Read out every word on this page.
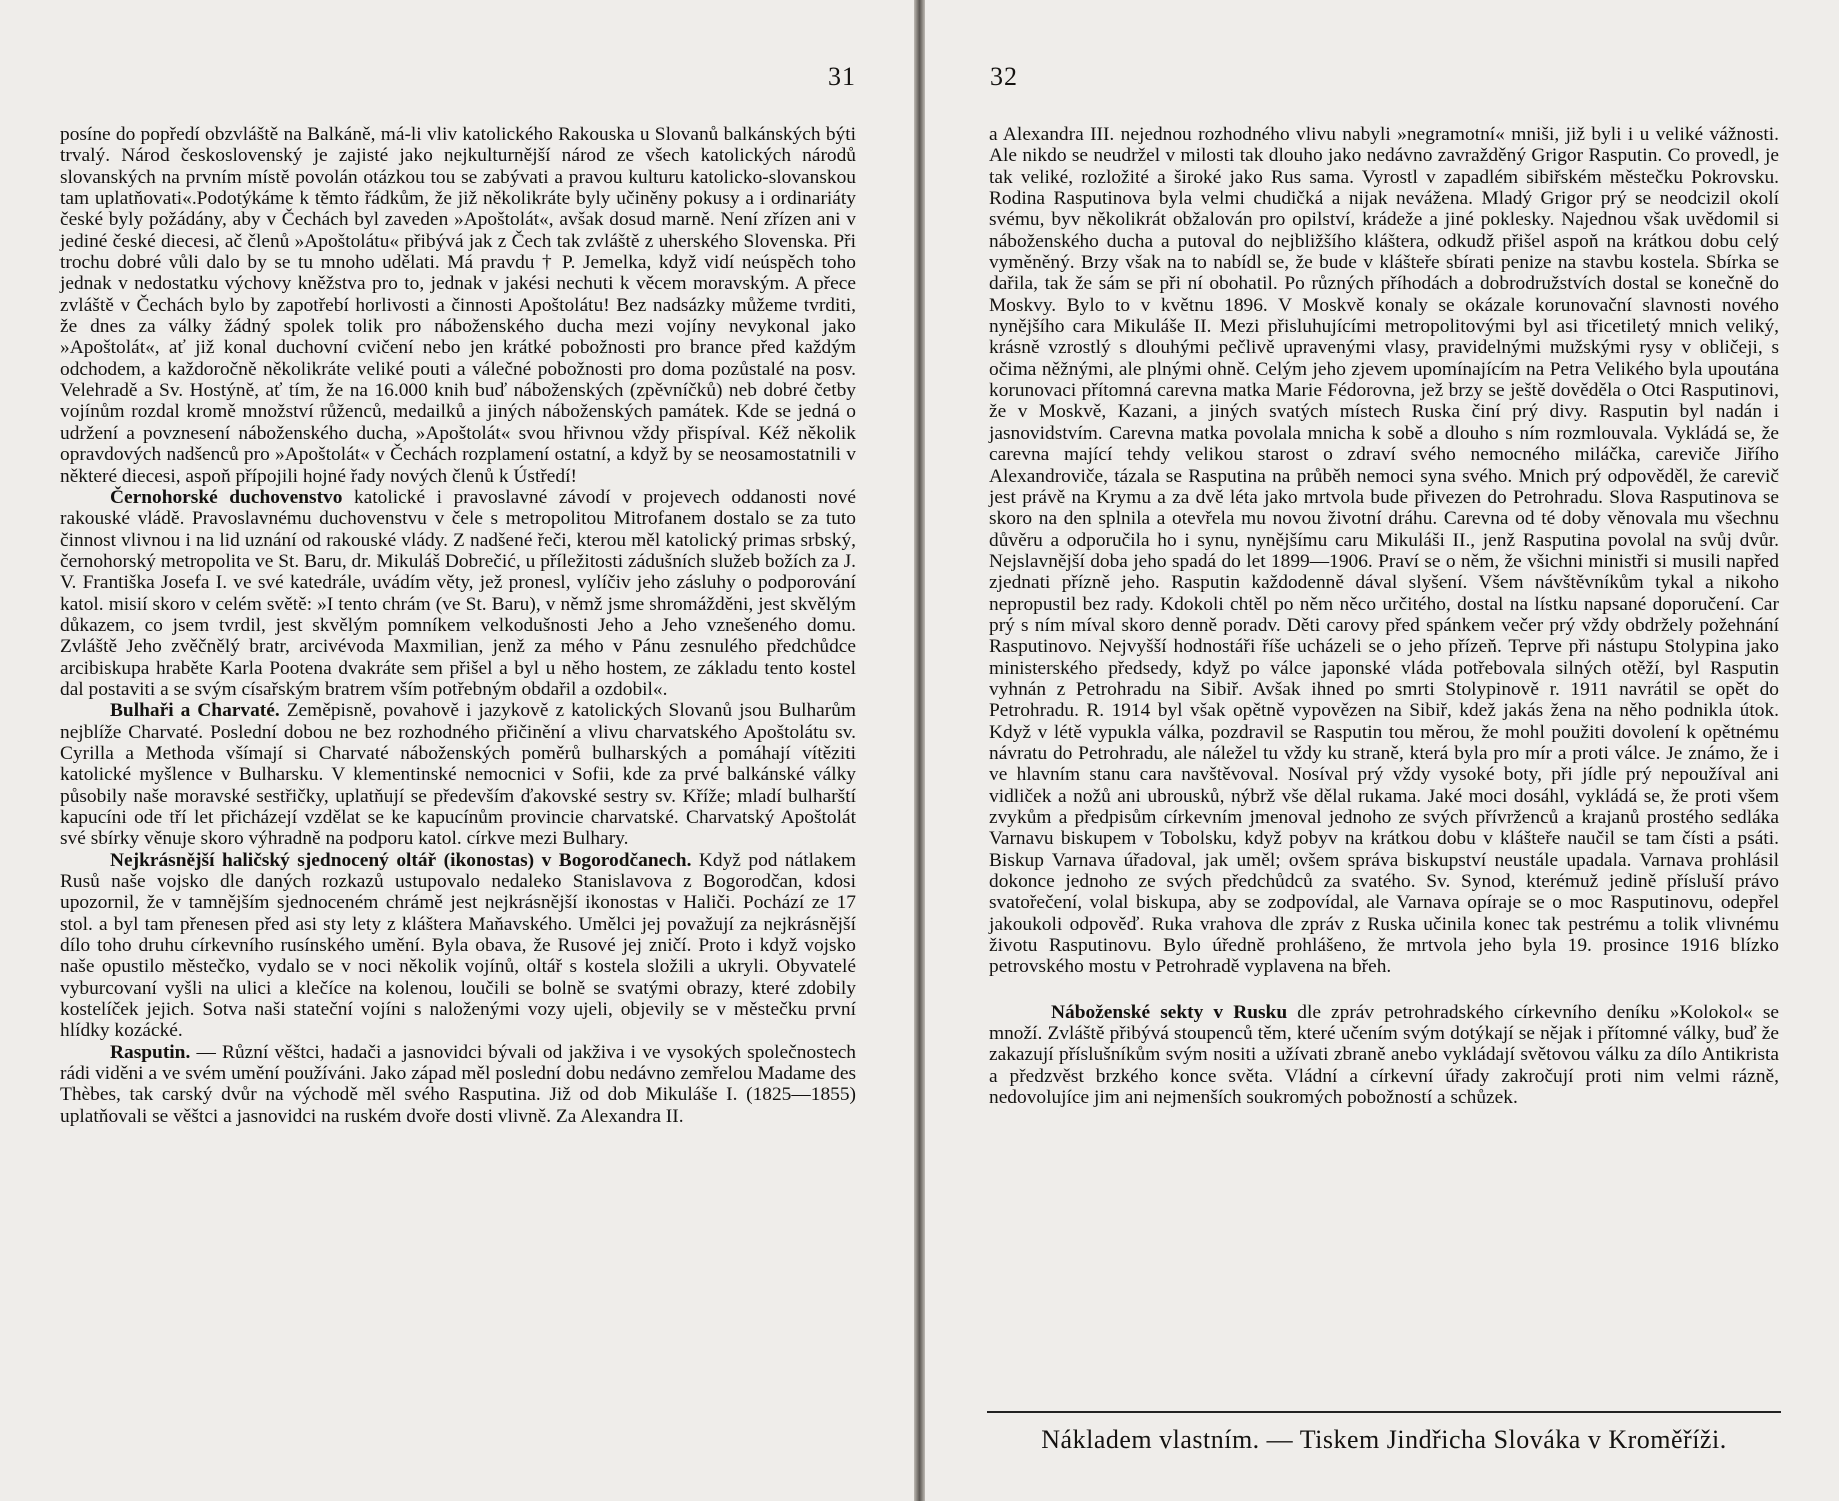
31

posíne do popředí obzvláště na Balkáně, má-li vliv katolického Rakouska u Slovanů balkánských býti trvalý. Národ československý je zajisté jako nejkulturnější národ ze všech katolických národů slovanských na prvním místě povolán otázkou tou se zabývati a pravou kulturu katolicko-slovanskou tam uplatňovati«.Podotýkáme k těmto řádkům, že již několikráte byly učiněny pokusy a i ordinariáty české byly požádány, aby v Čechách byl zaveden »Apoštolát«, avšak dosud marně. Není zřízen ani v jediné české diecesi, ač členů »Apoštolátu« přibývá jak z Čech tak zvláště z uherského Slovenska. Při trochu dobré vůli dalo by se tu mnoho udělati. Má pravdu † P. Jemelka, když vidí neúspěch toho jednak v nedostatku výchovy kněžstva pro to, jednak v jakési nechuti k věcem moravským. A přece zvláště v Čechách bylo by zapotřebí horlivosti a činnosti Apoštolátu! Bez nadsázky můžeme tvrditi, že dnes za války žádný spolek tolik pro náboženského ducha mezi vojíny nevykonal jako »Apoštolát«, ať již konal duchovní cvičení nebo jen krátké pobožnosti pro brance před každým odchodem, a každoročně několikráte veliké pouti a válečné pobožnosti pro doma pozůstalé na posv. Velehradě a Sv. Hostýně, ať tím, že na 16.000 knih buď náboženských (zpěvníčků) neb dobré četby vojínům rozdal kromě množství růženců, medailků a jiných náboženských památek. Kde se jedná o udržení a povznesení náboženského ducha, »Apoštolát« svou hřivnou vždy přispíval. Kéž několik opravdových nadšenců pro »Apoštolát« v Čechách rozplamení ostatní, a když by se neosamostatnili v některé diecesi, aspoň přípojili hojné řady nových členů k Ústředí!

Černohorské duchovenstvo katolické i pravoslavné závodí v projevech oddanosti nové rakouské vládě. Pravoslavnému duchovenstvu v čele s metropolitou Mitrofanem dostalo se za tuto činnost vlivnou i na lid uznání od rakouské vlády. Z nadšené řeči, kterou měl katolický primas srbský, černohorský metropolita ve St. Baru, dr. Mikuláš Dobrečić, u příležitosti zádušních služeb božích za J. V. Františka Josefa I. ve své katedrále, uvádím věty, jež pronesl, vylíčiv jeho zásluhy o podporování katol. misií skoro v celém světě: »I tento chrám (ve St. Baru), v němž jsme shromážděni, jest skvělým důkazem, co jsem tvrdil, jest skvělým pomníkem velkodušnosti Jeho a Jeho vznešeného domu. Zvláště Jeho zvěčnělý bratr, arcivévoda Maxmilian, jenž za mého v Pánu zesnulého předchůdce arcibiskupa hraběte Karla Pootena dvakráte sem přišel a byl u něho hostem, ze základu tento kostel dal postaviti a se svým císařským bratrem vším potřebným obdařil a ozdobil«.

Bulhaři a Charvaté. Zeměpisně, povahově i jazykově z katolických Slovanů jsou Bulharům nejblíže Charvaté. Poslední dobou ne bez rozhodného přičinění a vlivu charvatského Apoštolátu sv. Cyrilla a Methoda všímají si Charvaté náboženských poměrů bulharských a pomáhají vítěziti katolické myšlence v Bulharsku. V klementinské nemocnici v Sofii, kde za prvé balkánské války působily naše moravské sestřičky, uplatňují se především ďakovské sestry sv. Kříže; mladí bulharští kapucíni ode tří let přicházejí vzdělat se ke kapucínům provincie charvatské. Charvatský Apoštolát své sbírky věnuje skoro výhradně na podporu katol. církve mezi Bulhary.

Nejkrásnější haličský sjednocený oltář (ikonostas) v Bogorodčanech. Když pod nátlakem Rusů naše vojsko dle daných rozkazů ustupovalo nedaleko Stanislavova z Bogorodčan, kdosi upozornil, že v tamnějším sjednoceném chrámě jest nejkrásnější ikonostas v Haliči. Pochází ze 17 stol. a byl tam přenesen před asi sty lety z kláštera Maňavského. Umělci jej považují za nejkrásnější dílo toho druhu církevního rusínského umění. Byla obava, že Rusové jej zničí. Proto i když vojsko naše opustilo městečko, vydalo se v noci několik vojínů, oltář s kostela složili a ukryli. Obyvatelé vyburcovaní vyšli na ulici a klečíce na kolenou, loučili se bolně se svatými obrazy, které zdobily kostelíček jejich. Sotva naši stateční vojíni s naloženými vozy ujeli, objevily se v městečku první hlídky kozácké.

Rasputin. — Různí věštci, hadači a jasnovidci bývali od jakživa i ve vysokých společnostech rádi viděni a ve svém umění používáni. Jako západ měl poslední dobu nedávno zemřelou Madame des Thèbes, tak carský dvůr na východě měl svého Rasputina. Již od dob Mikuláše I. (1825—1855) uplatňovali se věštci a jasnovidci na ruském dvoře dosti vlivně. Za Alexandra II.

32

a Alexandra III. nejednou rozhodného vlivu nabyli »negramotní« mniši, již byli i u veliké vážnosti. Ale nikdo se neudržel v milosti tak dlouho jako nedávno zavražděný Grigor Rasputin. Co provedl, je tak veliké, rozložité a široké jako Rus sama. Vyrostl v zapadlém sibiřském městečku Pokrovsku. Rodina Rasputinova byla velmi chudičká a nijak nevážena. Mladý Grigor prý se neodcizil okolí svému, byv několikrát obžalován pro opilství, krádeže a jiné poklesky. Najednou však uvědomil si náboženského ducha a putoval do nejbližšího kláštera, odkudž přišel aspoň na krátkou dobu celý vyměněný. Brzy však na to nabídl se, že bude v klášteře sbírati penize na stavbu kostela. Sbírka se dařila, tak že sám se při ní obohatil. Po různých příhodách a dobrodružstvích dostal se konečně do Moskvy. Bylo to v květnu 1896. V Moskvě konaly se okázale korunovační slavnosti nového nynějšího cara Mikuláše II. Mezi přisluhujícími metropolitovými byl asi třicetiletý mnich veliký, krásně vzrostlý s dlouhými pečlivě upravenými vlasy, pravidelnými mužskými rysy v obličeji, s očima něžnými, ale plnými ohně. Celým jeho zjevem upomínajícím na Petra Velikého byla upoutána korunovaci přítomná carevna matka Marie Fédorovna, jež brzy se ještě dověděla o Otci Rasputinovi, že v Moskvě, Kazani, a jiných svatých místech Ruska činí prý divy. Rasputin byl nadán i jasnovidstvím. Carevna matka povolala mnicha k sobě a dlouho s ním rozmlouvala. Vykládá se, že carevna mající tehdy velikou starost o zdraví svého nemocného miláčka, careviče Jiřího Alexandroviče, tázala se Rasputina na průběh nemoci syna svého. Mnich prý odpověděl, že carevič jest právě na Krymu a za dvě léta jako mrtvola bude přivezen do Petrohradu. Slova Rasputinova se skoro na den splnila a otevřela mu novou životní dráhu. Carevna od té doby věnovala mu všechnu důvěru a odporučila ho i synu, nynějšímu caru Mikuláši II., jenž Rasputina povolal na svůj dvůr. Nejslavnější doba jeho spadá do let 1899—1906. Praví se o něm, že všichni ministři si musili napřed zjednati přízně jeho. Rasputin každodenně dával slyšení. Všem návštěvníkům tykal a nikoho nepropustil bez rady. Kdokoli chtěl po něm něco určitého, dostal na lístku napsané doporučení. Car prý s ním míval skoro denně poradv. Děti carovy před spánkem večer prý vždy obdržely požehnání Rasputinovo. Nejvyšší hodnostáři říše ucházeli se o jeho přízeň. Teprve při nástupu Stolypina jako ministerského předsedy, když po válce japonské vláda potřebovala silných otěží, byl Rasputin vyhnán z Petrohradu na Sibiř. Avšak ihned po smrti Stolypinově r. 1911 navrátil se opět do Petrohradu. R. 1914 byl však opětně vypovězen na Sibiř, kdež jakás žena na něho podnikla útok. Když v létě vypukla válka, pozdravil se Rasputin tou měrou, že mohl použiti dovolení k opětnému návratu do Petrohradu, ale náležel tu vždy ku straně, která byla pro mír a proti válce. Je známo, že i ve hlavním stanu cara navštěvoval. Nosíval prý vždy vysoké boty, při jídle prý nepoužíval ani vidliček a nožů ani ubrousků, nýbrž vše dělal rukama. Jaké moci dosáhl, vykládá se, že proti všem zvykům a předpisům církevním jmenoval jednoho ze svých přívrženců a krajanů prostého sedláka Varnavu biskupem v Tobolsku, když pobyv na krátkou dobu v klášteře naučil se tam čísti a psáti. Biskup Varnava úřadoval, jak uměl; ovšem správa biskupství neustále upadala. Varnava prohlásil dokonce jednoho ze svých předchůdců za svatého. Sv. Synod, kterémuž jedině přísluší právo svatořečení, volal biskupa, aby se zodpovídal, ale Varnava opíraje se o moc Rasputinovu, odepřel jakoukoli odpověď. Ruka vrahova dle zpráv z Ruska učinila konec tak pestrému a tolik vlivnému životu Rasputinovu. Bylo úředně prohlášeno, že mrtvola jeho byla 19. prosince 1916 blízko petrovského mostu v Petrohradě vyplavena na břeh.

Náboženské sekty v Rusku dle zpráv petrohradského církevního deníku »Kolokol« se množí. Zvláště přibývá stoupenců těm, které učením svým dotýkají se nějak i přítomné války, buď že zakazují příslušníkům svým nositi a užívati zbraně anebo vykládají světovou válku za dílo Antikrista a předzvěst brzkého konce světa. Vládní a církevní úřady zakročují proti nim velmi rázně, nedovolujíce jim ani nejmenších soukromých pobožností a schůzek.

Nákladem vlastním. — Tiskem Jindřicha Slováka v Kroměříži.
